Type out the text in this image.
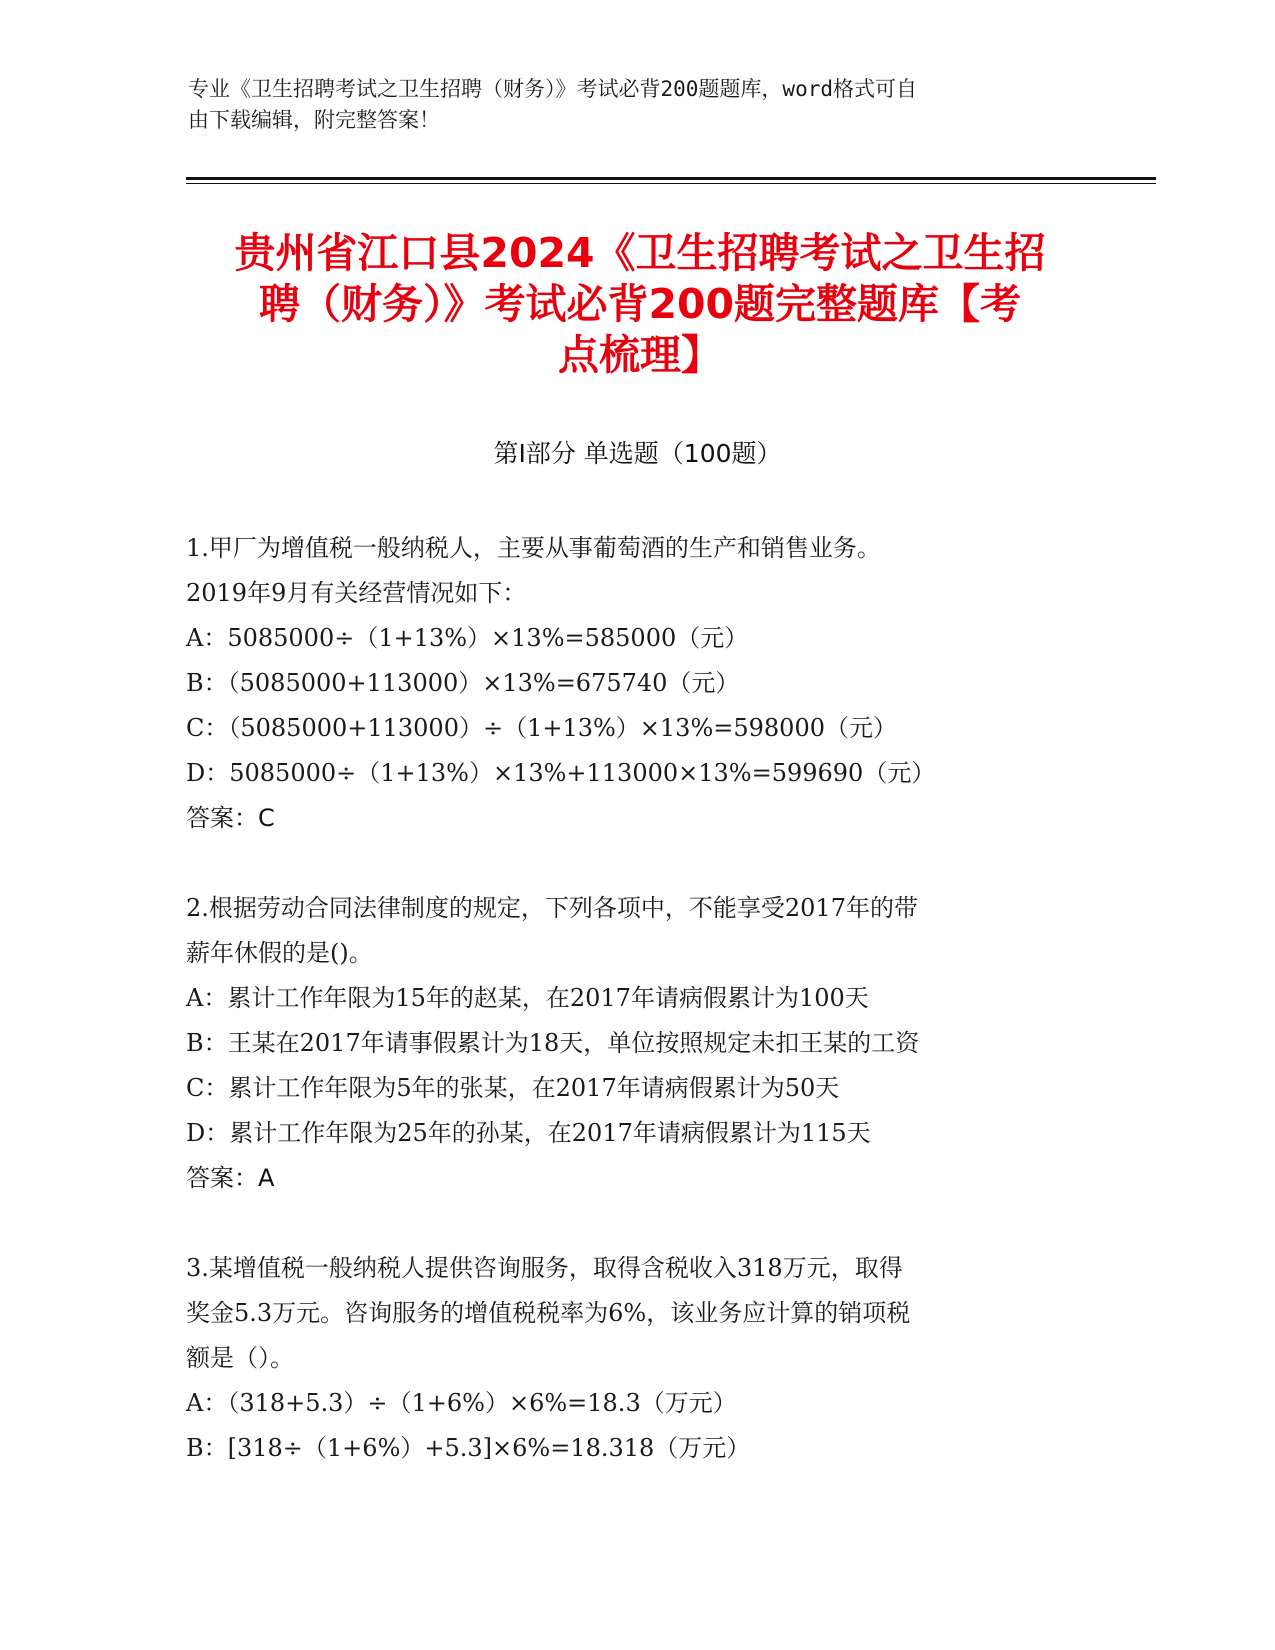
专业《卫生招聘考试之卫生招聘（财务）》考试必背200题题库，word格式可自
由下载编辑，附完整答案！
贵州省江口县2024《卫生招聘考试之卫生招
聘（财务）》考试必背200题完整题库【考
点梳理】
第I部分 单选题（100题）
1.甲厂为增值税一般纳税人，主要从事葡萄酒的生产和销售业务。
2019年9月有关经营情况如下：
A：5085000÷（1+13%）×13%=585000（元）
B：（5085000+113000）×13%=675740（元）
C：（5085000+113000）÷（1+13%）×13%=598000（元）
D：5085000÷（1+13%）×13%+113000×13%=599690（元）
答案：C
2.根据劳动合同法律制度的规定，下列各项中，不能享受2017年的带
薪年休假的是()。
A：累计工作年限为15年的赵某，在2017年请病假累计为100天
B：王某在2017年请事假累计为18天，单位按照规定未扣王某的工资
C：累计工作年限为5年的张某，在2017年请病假累计为50天
D：累计工作年限为25年的孙某，在2017年请病假累计为115天
答案：A
3.某增值税一般纳税人提供咨询服务，取得含税收入318万元，取得
奖金5.3万元。咨询服务的增值税税率为6%，该业务应计算的销项税
额是（）。
A：（318+5.3）÷（1+6%）×6%=18.3（万元）
B：[318÷（1+6%）+5.3]×6%=18.318（万元）
